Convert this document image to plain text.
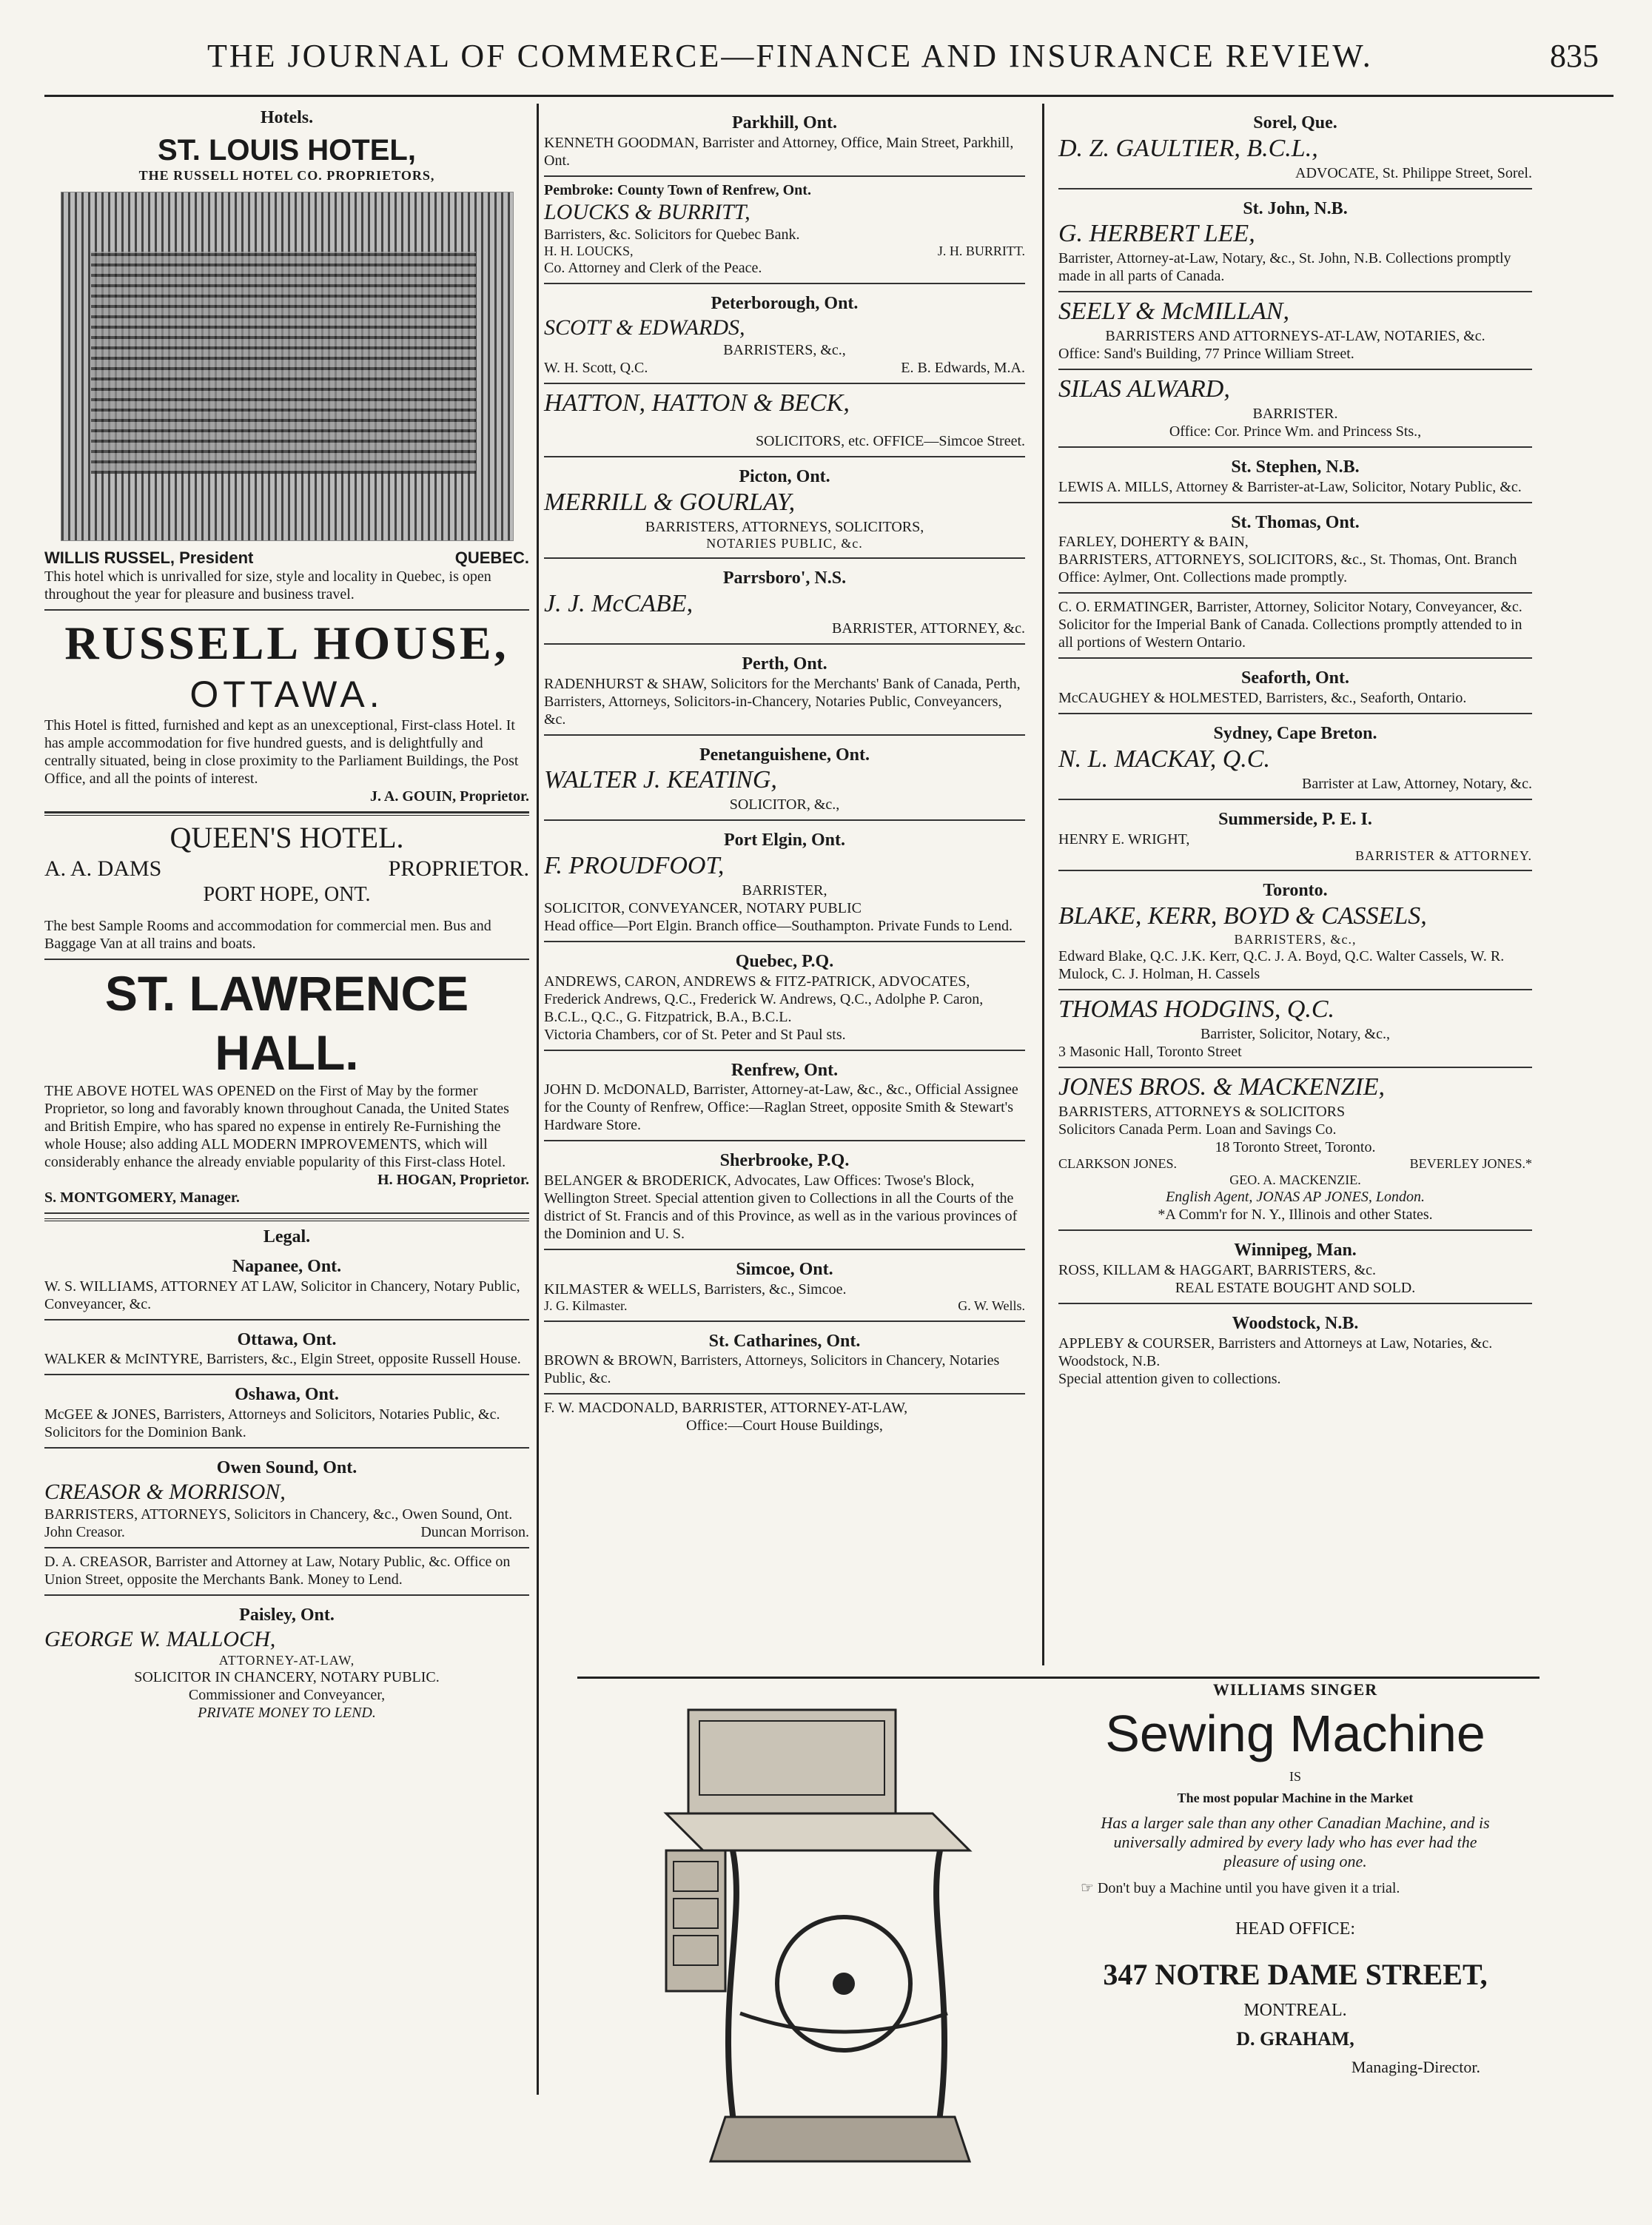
THE JOURNAL OF COMMERCE—FINANCE AND INSURANCE REVIEW.	835
Hotels.
ST. LOUIS HOTEL,
THE RUSSELL HOTEL CO. PROPRIETORS,
WILLIS RUSSEL, President	QUEBEC.
This hotel which is unrivalled for size, style and locality in Quebec, is open throughout the year for pleasure and business travel.
RUSSELL HOUSE,
OTTAWA.
This Hotel is fitted, furnished and kept as an unexceptional, First-class Hotel. It has ample accommodation for five hundred guests, and is delightfully and centrally situated, being in close proximity to the Parliament Buildings, the Post Office, and all the points of interest.
J. A. GOUIN, Proprietor.
QUEEN'S HOTEL.
A. A. DAMS	PROPRIETOR.
PORT HOPE, ONT.
The best Sample Rooms and accommodation for commercial men. Bus and Baggage Van at all trains and boats.
ST. LAWRENCE HALL.
THE ABOVE HOTEL WAS OPENED on the First of May by the former Proprietor, so long and favorably known throughout Canada, the United States and British Empire, who has spared no expense in entirely Re-Furnishing the whole House; also adding ALL MODERN IMPROVEMENTS, which will considerably enhance the already enviable popularity of this First-class Hotel.
H. HOGAN, Proprietor.
S. MONTGOMERY, Manager.
Legal.
Napanee, Ont.
W. S. WILLIAMS, ATTORNEY AT LAW, Solicitor in Chancery, Notary Public, Conveyancer, &c.
Ottawa, Ont.
WALKER & McINTYRE, Barristers, &c., Elgin Street, opposite Russell House.
Oshawa, Ont.
McGEE & JONES, Barristers, Attorneys and Solicitors, Notaries Public, &c. Solicitors for the Dominion Bank.
Owen Sound, Ont.
CREASOR & MORRISON,
BARRISTERS, ATTORNEYS, Solicitors in Chancery, &c., Owen Sound, Ont.
John Creasor.	Duncan Morrison.
D. A. CREASOR, Barrister and Attorney at Law, Notary Public, &c. Office on Union Street, opposite the Merchants Bank. Money to Lend.
Paisley, Ont.
GEORGE W. MALLOCH,
ATTORNEY-AT-LAW,
SOLICITOR IN CHANCERY, NOTARY PUBLIC.
Commissioner and Conveyancer,
PRIVATE MONEY TO LEND.
Parkhill, Ont.
KENNETH GOODMAN, Barrister and Attorney, Office, Main Street, Parkhill, Ont.
Pembroke: County Town of Renfrew, Ont.
LOUCKS & BURRITT,
Barristers, &c. Solicitors for Quebec Bank.
H. H. LOUCKS,	J. H. BURRITT.
Co. Attorney and Clerk of the Peace.
Peterborough, Ont.
SCOTT & EDWARDS,
BARRISTERS, &c.,
W. H. Scott, Q.C.	E. B. Edwards, M.A.
HATTON, HATTON & BECK,
SOLICITORS, etc. OFFICE—Simcoe Street.
Picton, Ont.
MERRILL & GOURLAY,
BARRISTERS, ATTORNEYS, SOLICITORS,
NOTARIES PUBLIC, &c.
Parrsboro', N.S.
J. J. McCABE,
BARRISTER, ATTORNEY, &c.
Perth, Ont.
RADENHURST & SHAW, Solicitors for the Merchants' Bank of Canada, Perth, Barristers, Attorneys, Solicitors-in-Chancery, Notaries Public, Conveyancers, &c.
Penetanguishene, Ont.
WALTER J. KEATING,
SOLICITOR, &c.,
Port Elgin, Ont.
F. PROUDFOOT,
BARRISTER,
SOLICITOR, CONVEYANCER, NOTARY PUBLIC
Head office—Port Elgin. Branch office—Southampton. Private Funds to Lend.
Quebec, P.Q.
ANDREWS, CARON, ANDREWS & FITZ-PATRICK, ADVOCATES, Frederick Andrews, Q.C., Frederick W. Andrews, Q.C., Adolphe P. Caron, B.C.L., Q.C., G. Fitzpatrick, B.A., B.C.L.
Victoria Chambers, cor of St. Peter and St Paul sts.
Renfrew, Ont.
JOHN D. McDONALD, Barrister, Attorney-at-Law, &c., &c., Official Assignee for the County of Renfrew, Office:—Raglan Street, opposite Smith & Stewart's Hardware Store.
Sherbrooke, P.Q.
BELANGER & BRODERICK, Advocates, Law Offices: Twose's Block, Wellington Street. Special attention given to Collections in all the Courts of the district of St. Francis and of this Province, as well as in the various provinces of the Dominion and U. S.
Simcoe, Ont.
KILMASTER & WELLS, Barristers, &c., Simcoe.
J. G. Kilmaster.	G. W. Wells.
St. Catharines, Ont.
BROWN & BROWN, Barristers, Attorneys, Solicitors in Chancery, Notaries Public, &c.
F. W. MACDONALD, BARRISTER, ATTORNEY-AT-LAW,
Office:—Court House Buildings,
Sorel, Que.
D. Z. GAULTIER, B.C.L.,
ADVOCATE, St. Philippe Street, Sorel.
St. John, N.B.
G. HERBERT LEE,
Barrister, Attorney-at-Law, Notary, &c., St. John, N.B. Collections promptly made in all parts of Canada.
SEELY & McMILLAN,
BARRISTERS AND ATTORNEYS-AT-LAW, NOTARIES, &c.
Office: Sand's Building, 77 Prince William Street.
SILAS ALWARD,
BARRISTER.
Office: Cor. Prince Wm. and Princess Sts.,
St. Stephen, N.B.
LEWIS A. MILLS, Attorney & Barrister-at-Law, Solicitor, Notary Public, &c.
St. Thomas, Ont.
FARLEY, DOHERTY & BAIN,
BARRISTERS, ATTORNEYS, SOLICITORS, &c., St. Thomas, Ont. Branch Office: Aylmer, Ont. Collections made promptly.
C. O. ERMATINGER, Barrister, Attorney, Solicitor Notary, Conveyancer, &c. Solicitor for the Imperial Bank of Canada. Collections promptly attended to in all portions of Western Ontario.
Seaforth, Ont.
McCAUGHEY & HOLMESTED, Barristers, &c., Seaforth, Ontario.
Sydney, Cape Breton.
N. L. MACKAY, Q.C.
Barrister at Law, Attorney, Notary, &c.
Summerside, P. E. I.
HENRY E. WRIGHT,
BARRISTER & ATTORNEY.
Toronto.
BLAKE, KERR, BOYD & CASSELS,
BARRISTERS, &c.,
Edward Blake, Q.C. J.K. Kerr, Q.C. J. A. Boyd, Q.C. Walter Cassels, W. R. Mulock, C. J. Holman, H. Cassels
THOMAS HODGINS, Q.C.
Barrister, Solicitor, Notary, &c.,
3 Masonic Hall, Toronto Street
JONES BROS. & MACKENZIE,
BARRISTERS, ATTORNEYS & SOLICITORS
Solicitors Canada Perm. Loan and Savings Co.
18 Toronto Street, Toronto.
CLARKSON JONES.	BEVERLEY JONES.*
GEO. A. MACKENZIE.
English Agent, JONAS AP JONES, London.
*A Comm'r for N. Y., Illinois and other States.
Winnipeg, Man.
ROSS, KILLAM & HAGGART, BARRISTERS, &c.
REAL ESTATE BOUGHT AND SOLD.
Woodstock, N.B.
APPLEBY & COURSER, Barristers and Attorneys at Law, Notaries, &c. Woodstock, N.B.
Special attention given to collections.
WILLIAMS SINGER
Sewing Machine
IS
The most popular Machine in the Market
Has a larger sale than any other Canadian Machine, and is universally admired by every lady who has ever had the pleasure of using one.
☞ Don't buy a Machine until you have given it a trial.
HEAD OFFICE:
347 NOTRE DAME STREET,
MONTREAL.
D. GRAHAM,
Managing-Director.
